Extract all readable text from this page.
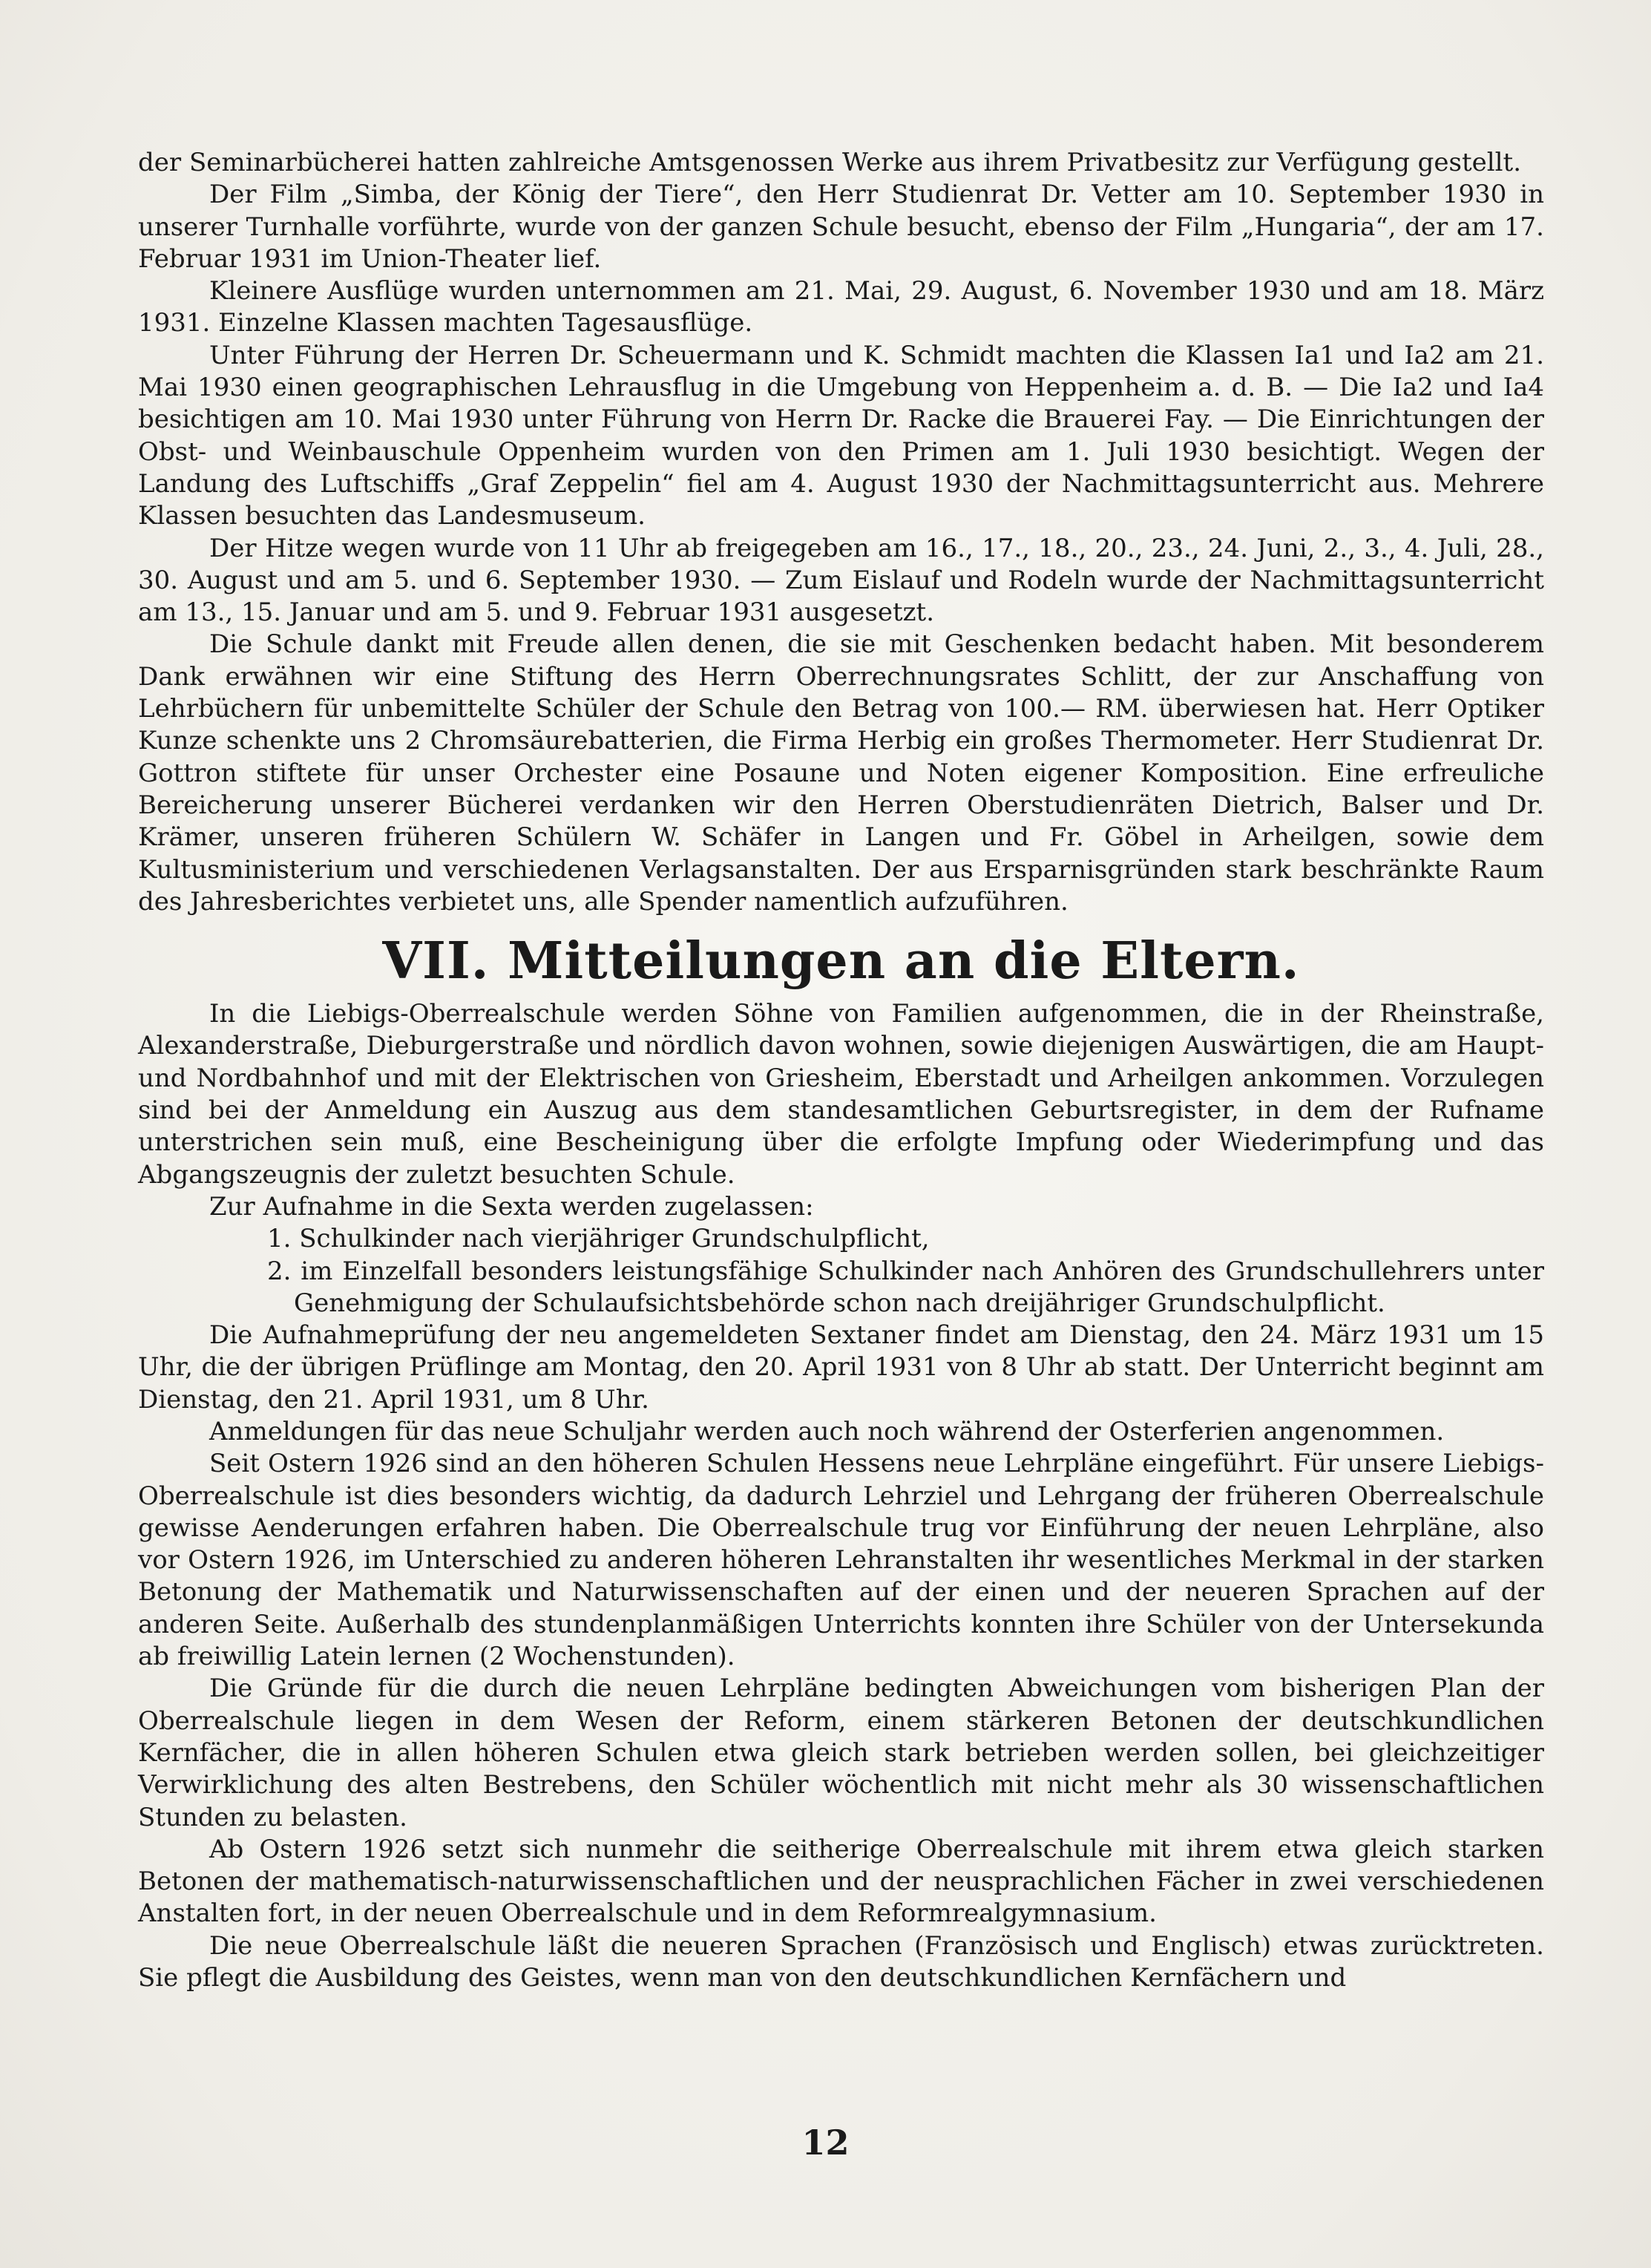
der Seminarbücherei hatten zahlreiche Amtsgenossen Werke aus ihrem Privatbesitz zur Verfügung gestellt.

Der Film „Simba, der König der Tiere“, den Herr Studienrat Dr. Vetter am 10. September 1930 in unserer Turnhalle vorführte, wurde von der ganzen Schule besucht, ebenso der Film „Hungaria“, der am 17. Februar 1931 im Union-Theater lief.

Kleinere Ausflüge wurden unternommen am 21. Mai, 29. August, 6. November 1930 und am 18. März 1931. Einzelne Klassen machten Tagesausflüge.

Unter Führung der Herren Dr. Scheuermann und K. Schmidt machten die Klassen Ia1 und Ia2 am 21. Mai 1930 einen geographischen Lehrausflug in die Umgebung von Heppenheim a. d. B. — Die Ia2 und Ia4 besichtigen am 10. Mai 1930 unter Führung von Herrn Dr. Racke die Brauerei Fay. — Die Einrichtungen der Obst- und Weinbauschule Oppenheim wurden von den Primen am 1. Juli 1930 besichtigt. Wegen der Landung des Luftschiffs „Graf Zeppelin“ fiel am 4. August 1930 der Nachmittagsunterricht aus. Mehrere Klassen besuchten das Landesmuseum.

Der Hitze wegen wurde von 11 Uhr ab freigegeben am 16., 17., 18., 20., 23., 24. Juni, 2., 3., 4. Juli, 28., 30. August und am 5. und 6. September 1930. — Zum Eislauf und Rodeln wurde der Nachmittagsunterricht am 13., 15. Januar und am 5. und 9. Februar 1931 ausgesetzt.

Die Schule dankt mit Freude allen denen, die sie mit Geschenken bedacht haben. Mit besonderem Dank erwähnen wir eine Stiftung des Herrn Oberrechnungsrates Schlitt, der zur Anschaffung von Lehrbüchern für unbemittelte Schüler der Schule den Betrag von 100.— RM. überwiesen hat. Herr Optiker Kunze schenkte uns 2 Chromsäurebatterien, die Firma Herbig ein großes Thermometer. Herr Studienrat Dr. Gottron stiftete für unser Orchester eine Posaune und Noten eigener Komposition. Eine erfreuliche Bereicherung unserer Bücherei verdanken wir den Herren Oberstudienräten Dietrich, Balser und Dr. Krämer, unseren früheren Schülern W. Schäfer in Langen und Fr. Göbel in Arheilgen, sowie dem Kultusministerium und verschiedenen Verlagsanstalten. Der aus Ersparnisgründen stark beschränkte Raum des Jahresberichtes verbietet uns, alle Spender namentlich aufzuführen.

VII. Mitteilungen an die Eltern.

In die Liebigs-Oberrealschule werden Söhne von Familien aufgenommen, die in der Rheinstraße, Alexanderstraße, Dieburgerstraße und nördlich davon wohnen, sowie diejenigen Auswärtigen, die am Haupt- und Nordbahnhof und mit der Elektrischen von Griesheim, Eberstadt und Arheilgen ankommen. Vorzulegen sind bei der Anmeldung ein Auszug aus dem standesamtlichen Geburtsregister, in dem der Rufname unterstrichen sein muß, eine Bescheinigung über die erfolgte Impfung oder Wiederimpfung und das Abgangszeugnis der zuletzt besuchten Schule.

Zur Aufnahme in die Sexta werden zugelassen:

1. Schulkinder nach vierjähriger Grundschulpflicht,
2. im Einzelfall besonders leistungsfähige Schulkinder nach Anhören des Grundschullehrers unter Genehmigung der Schulaufsichtsbehörde schon nach dreijähriger Grundschulpflicht.

Die Aufnahmeprüfung der neu angemeldeten Sextaner findet am Dienstag, den 24. März 1931 um 15 Uhr, die der übrigen Prüflinge am Montag, den 20. April 1931 von 8 Uhr ab statt. Der Unterricht beginnt am Dienstag, den 21. April 1931, um 8 Uhr.

Anmeldungen für das neue Schuljahr werden auch noch während der Osterferien angenommen.

Seit Ostern 1926 sind an den höheren Schulen Hessens neue Lehrpläne eingeführt. Für unsere Liebigs-Oberrealschule ist dies besonders wichtig, da dadurch Lehrziel und Lehrgang der früheren Oberrealschule gewisse Aenderungen erfahren haben. Die Oberrealschule trug vor Einführung der neuen Lehrpläne, also vor Ostern 1926, im Unterschied zu anderen höheren Lehranstalten ihr wesentliches Merkmal in der starken Betonung der Mathematik und Naturwissenschaften auf der einen und der neueren Sprachen auf der anderen Seite. Außerhalb des stundenplanmäßigen Unterrichts konnten ihre Schüler von der Untersekunda ab freiwillig Latein lernen (2 Wochenstunden).

Die Gründe für die durch die neuen Lehrpläne bedingten Abweichungen vom bisherigen Plan der Oberrealschule liegen in dem Wesen der Reform, einem stärkeren Betonen der deutschkundlichen Kernfächer, die in allen höheren Schulen etwa gleich stark betrieben werden sollen, bei gleichzeitiger Verwirklichung des alten Bestrebens, den Schüler wöchentlich mit nicht mehr als 30 wissenschaftlichen Stunden zu belasten.

Ab Ostern 1926 setzt sich nunmehr die seitherige Oberrealschule mit ihrem etwa gleich starken Betonen der mathematisch-naturwissenschaftlichen und der neusprachlichen Fächer in zwei verschiedenen Anstalten fort, in der neuen Oberrealschule und in dem Reformrealgymnasium.

Die neue Oberrealschule läßt die neueren Sprachen (Französisch und Englisch) etwas zurücktreten. Sie pflegt die Ausbildung des Geistes, wenn man von den deutschkundlichen Kernfächern und

12
